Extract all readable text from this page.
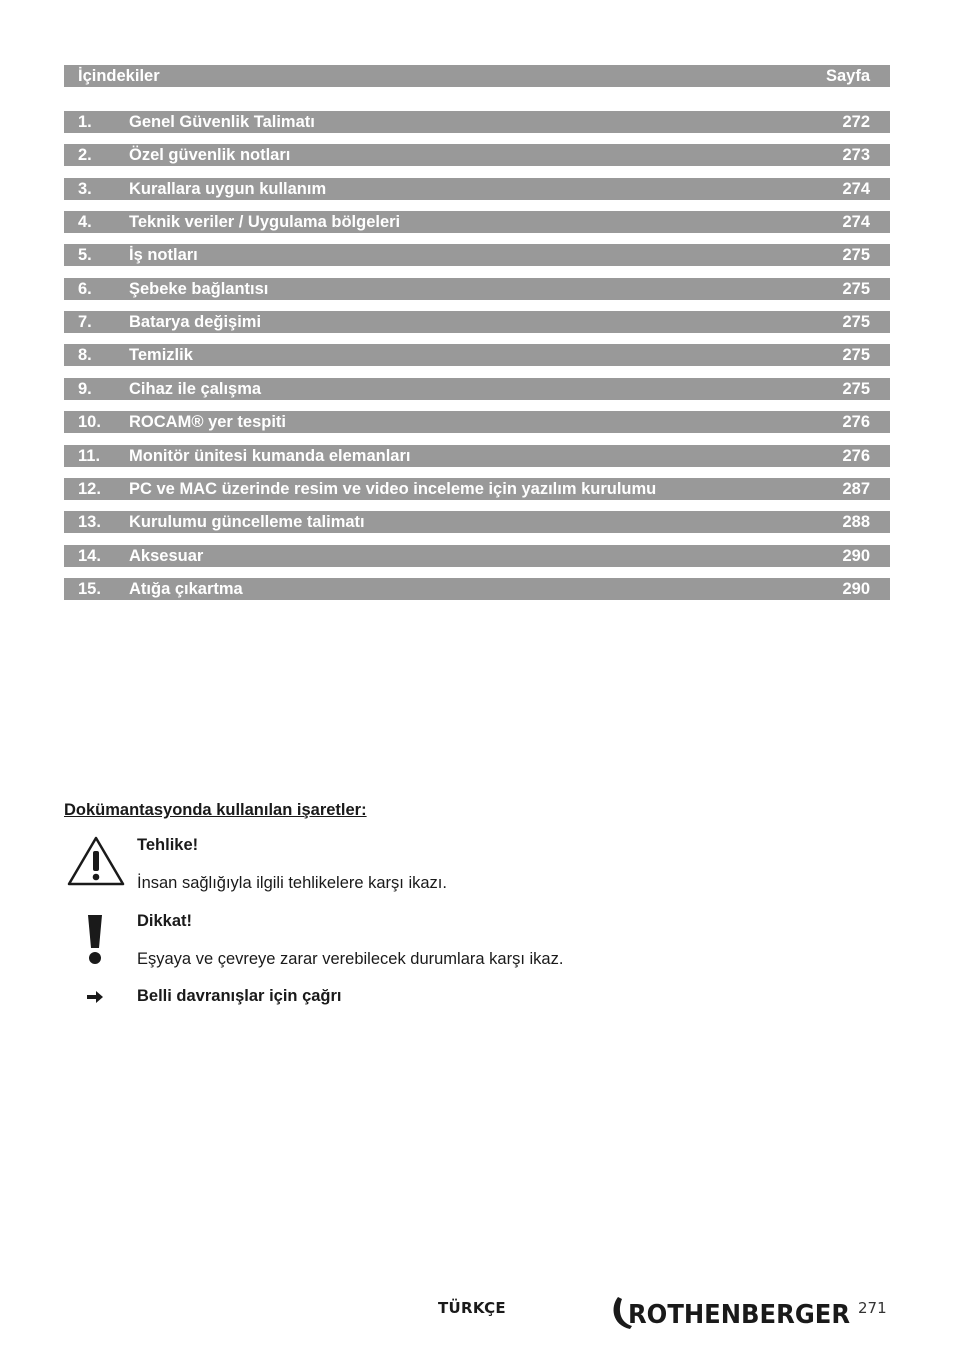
İçindekiler	Sayfa
1. Genel Güvenlik Talimatı	272
2. Özel güvenlik notları	273
3. Kurallara uygun kullanım	274
4. Teknik veriler / Uygulama bölgeleri	274
5. İş notları	275
6. Şebeke bağlantısı	275
7. Batarya değişimi	275
8. Temizlik	275
9. Cihaz ile çalışma	275
10. ROCAM® yer tespiti	276
11. Monitör ünitesi kumanda elemanları	276
12. PC ve MAC üzerinde resim ve video inceleme için yazılım kurulumu	287
13. Kurulumu güncelleme talimatı	288
14. Aksesuar	290
15. Atığa çıkartma	290
Dokümantasyonda kullanılan işaretler:
Tehlike!
İnsan sağlığıyla ilgili tehlikelere karşı ikazı.
Dikkat!
Eşyaya ve çevreye zarar verebilecek durumlara karşı ikaz.
Belli davranışlar için çağrı
TÜRKÇE	ROTHENBERGER 271
